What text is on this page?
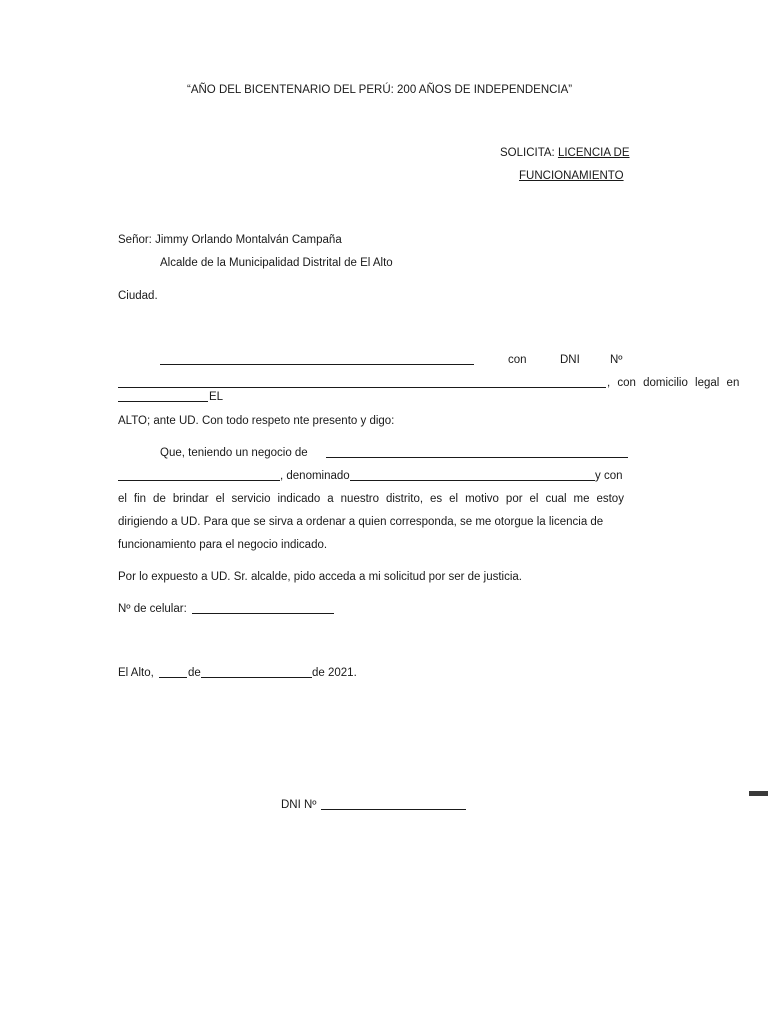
“AÑO DEL BICENTENARIO DEL PERÚ: 200 AÑOS DE INDEPENDENCIA”
SOLICITA: LICENCIA DE
FUNCIONAMIENTO
Señor: Jimmy Orlando Montalván Campaña
Alcalde de la Municipalidad Distrital de El Alto
Ciudad.
con	DNI	Nº
, con domicilio legal en
EL
ALTO; ante UD. Con todo respeto nte presento y digo:
Que, teniendo un negocio de
, denominado	y con
el fin de brindar el servicio indicado a nuestro distrito, es el motivo por el cual me estoy
dirigiendo a UD. Para que se sirva a ordenar a quien corresponda, se me otorgue la licencia de
funcionamiento para el negocio indicado.
Por lo expuesto a UD. Sr. alcalde, pido acceda a mi solicitud por ser de justicia.
Nº de celular:
El Alto,	de	de 2021.
DNI Nº
